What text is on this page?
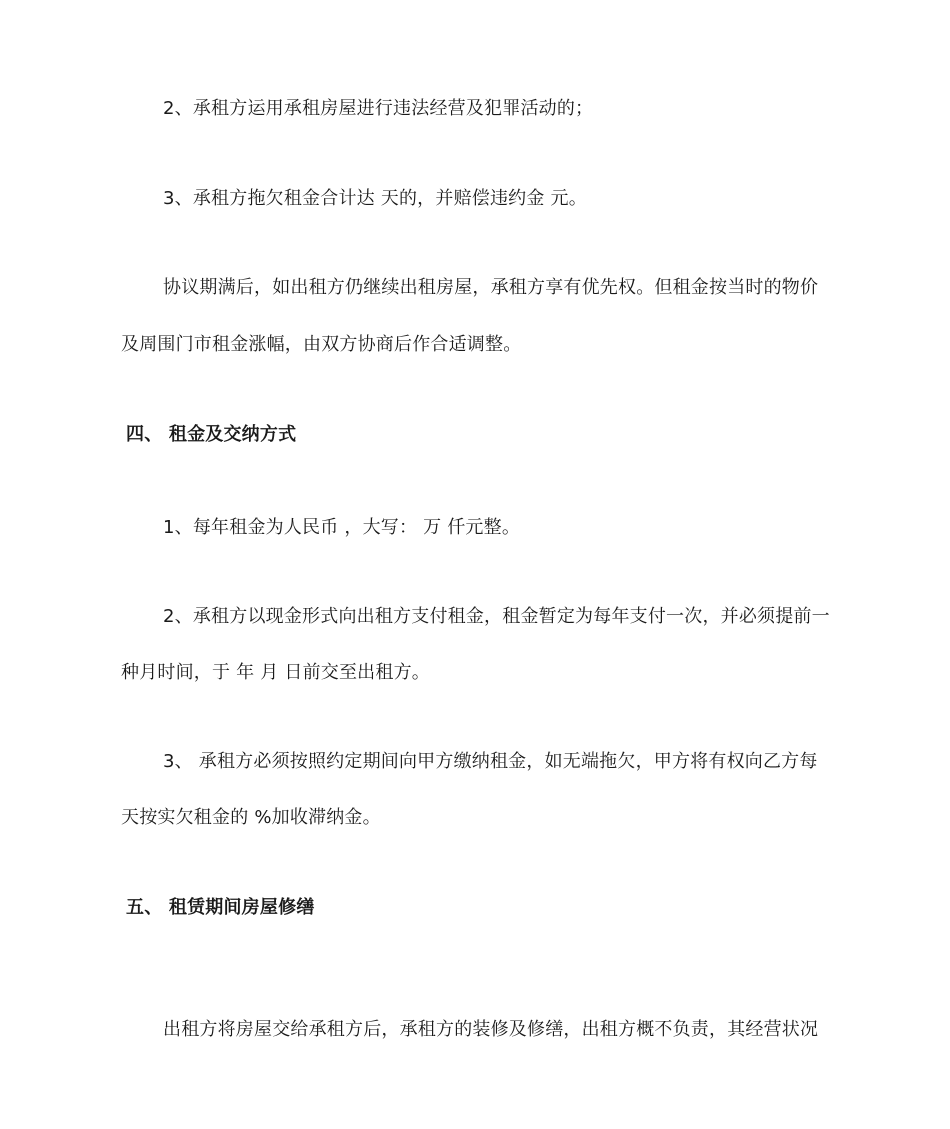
2、承租方运用承租房屋进行违法经营及犯罪活动的；
3、承租方拖欠租金合计达 天的，并赔偿违约金 元。
协议期满后，如出租方仍继续出租房屋，承租方享有优先权。但租金按当时的物价
及周围门市租金涨幅，由双方协商后作合适调整。
四、 租金及交纳方式
1、每年租金为人民币 ，大写： 万 仟元整。
2、承租方以现金形式向出租方支付租金，租金暂定为每年支付一次，并必须提前一
种月时间，于 年 月 日前交至出租方。
3、 承租方必须按照约定期间向甲方缴纳租金，如无端拖欠，甲方将有权向乙方每
天按实欠租金的 %加收滞纳金。
五、 租赁期间房屋修缮
出租方将房屋交给承租方后，承租方的装修及修缮，出租方概不负责，其经营状况
